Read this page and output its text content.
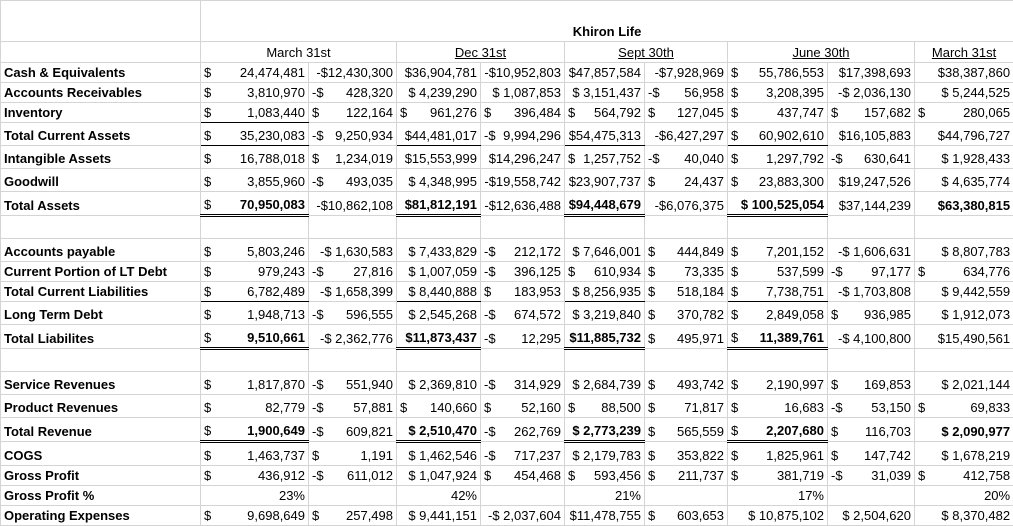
	Khiron Life								
	March 31st		Dec 31st		Sept 30th		June 30th		March 31st
Cash & Equivalents	$ 24,474,481	-$12,430,300	$36,904,781	-$10,952,803	$47,857,584	-$7,928,969	$ 55,786,553	$17,398,693	$38,387,860
Accounts Receivables	$ 3,810,970	-$ 428,320	$ 4,239,290	$ 1,087,853	$ 3,151,437	-$ 56,958	$ 3,208,395	-$ 2,036,130	$ 5,244,525
Inventory	$ 1,083,440	$ 122,164	$ 961,276	$ 396,484	$ 564,792	$ 127,045	$ 437,747	$ 157,682	$ 280,065
Total Current Assets	$ 35,230,083	-$ 9,250,934	$44,481,017	-$ 9,994,296	$54,475,313	-$6,427,297	$ 60,902,610	$16,105,883	$44,796,727
Intangible Assets	$ 16,788,018	$ 1,234,019	$15,553,999	$14,296,247	$ 1,257,752	-$ 40,040	$ 1,297,792	-$ 630,641	$ 1,928,433
Goodwill	$ 3,855,960	-$ 493,035	$ 4,348,995	-$19,558,742	$23,907,737	$ 24,437	$ 23,883,300	$19,247,526	$ 4,635,774
Total Assets	$ 70,950,083	-$10,862,108	$81,812,191	-$12,636,488	$94,448,679	-$6,076,375	$ 100,525,054	$37,144,239	$63,380,815

Accounts payable	$ 5,803,246	-$ 1,630,583	$ 7,433,829	-$ 212,172	$ 7,646,001	$ 444,849	$ 7,201,152	-$ 1,606,631	$ 8,807,783
Current Portion of LT Debt	$ 979,243	-$ 27,816	$ 1,007,059	-$ 396,125	$ 610,934	$ 73,335	$ 537,599	-$ 97,177	$ 634,776
Total Current Liabilities	$ 6,782,489	-$ 1,658,399	$ 8,440,888	$ 183,953	$ 8,256,935	$ 518,184	$ 7,738,751	-$ 1,703,808	$ 9,442,559
Long Term Debt	$ 1,948,713	-$ 596,555	$ 2,545,268	-$ 674,572	$ 3,219,840	$ 370,782	$ 2,849,058	$ 936,985	$ 1,912,073
Total Liabilites	$ 9,510,661	-$ 2,362,776	$11,873,437	-$ 12,295	$11,885,732	$ 495,971	$ 11,389,761	-$ 4,100,800	$15,490,561

Service Revenues	$ 1,817,870	-$ 551,940	$ 2,369,810	-$ 314,929	$ 2,684,739	$ 493,742	$ 2,190,997	$ 169,853	$ 2,021,144
Product Revenues	$ 82,779	-$ 57,881	$ 140,660	$ 52,160	$ 88,500	$ 71,817	$ 16,683	-$ 53,150	$ 69,833
Total Revenue	$ 1,900,649	-$ 609,821	$ 2,510,470	-$ 262,769	$ 2,773,239	$ 565,559	$ 2,207,680	$ 116,703	$ 2,090,977
COGS	$ 1,463,737	$ 1,191	$ 1,462,546	-$ 717,237	$ 2,179,783	$ 353,822	$ 1,825,961	$ 147,742	$ 1,678,219
Gross Profit	$ 436,912	-$ 611,012	$ 1,047,924	$ 454,468	$ 593,456	$ 211,737	$ 381,719	-$ 31,039	$ 412,758
Gross Profit %	23%		42%		21%		17%		20%
Operating Expenses	$ 9,698,649	$ 257,498	$ 9,441,151	-$ 2,037,604	$11,478,755	$ 603,653	$ 10,875,102	$ 2,504,620	$ 8,370,482
